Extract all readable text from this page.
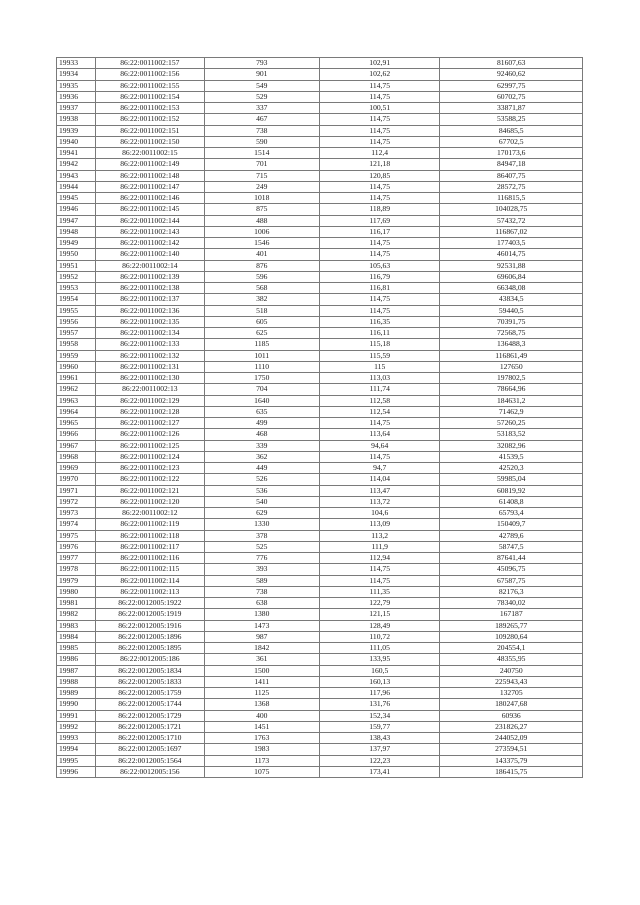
19933	86:22:0011002:157	793	102,91	81607,63
19934	86:22:0011002:156	901	102,62	92460,62
19935	86:22:0011002:155	549	114,75	62997,75
19936	86:22:0011002:154	529	114,75	60702,75
19937	86:22:0011002:153	337	100,51	33871,87
19938	86:22:0011002:152	467	114,75	53588,25
19939	86:22:0011002:151	738	114,75	84685,5
19940	86:22:0011002:150	590	114,75	67702,5
19941	86:22:0011002:15	1514	112,4	170173,6
19942	86:22:0011002:149	701	121,18	84947,18
19943	86:22:0011002:148	715	120,85	86407,75
19944	86:22:0011002:147	249	114,75	28572,75
19945	86:22:0011002:146	1018	114,75	116815,5
19946	86:22:0011002:145	875	118,89	104028,75
19947	86:22:0011002:144	488	117,69	57432,72
19948	86:22:0011002:143	1006	116,17	116867,02
19949	86:22:0011002:142	1546	114,75	177403,5
19950	86:22:0011002:140	401	114,75	46014,75
19951	86:22:0011002:14	876	105,63	92531,88
19952	86:22:0011002:139	596	116,79	69606,84
19953	86:22:0011002:138	568	116,81	66348,08
19954	86:22:0011002:137	382	114,75	43834,5
19955	86:22:0011002:136	518	114,75	59440,5
19956	86:22:0011002:135	605	116,35	70391,75
19957	86:22:0011002:134	625	116,11	72568,75
19958	86:22:0011002:133	1185	115,18	136488,3
19959	86:22:0011002:132	1011	115,59	116861,49
19960	86:22:0011002:131	1110	115	127650
19961	86:22:0011002:130	1750	113,03	197802,5
19962	86:22:0011002:13	704	111,74	78664,96
19963	86:22:0011002:129	1640	112,58	184631,2
19964	86:22:0011002:128	635	112,54	71462,9
19965	86:22:0011002:127	499	114,75	57260,25
19966	86:22:0011002:126	468	113,64	53183,52
19967	86:22:0011002:125	339	94,64	32082,96
19968	86:22:0011002:124	362	114,75	41539,5
19969	86:22:0011002:123	449	94,7	42520,3
19970	86:22:0011002:122	526	114,04	59985,04
19971	86:22:0011002:121	536	113,47	60819,92
19972	86:22:0011002:120	540	113,72	61408,8
19973	86:22:0011002:12	629	104,6	65793,4
19974	86:22:0011002:119	1330	113,09	150409,7
19975	86:22:0011002:118	378	113,2	42789,6
19976	86:22:0011002:117	525	111,9	58747,5
19977	86:22:0011002:116	776	112,94	87641,44
19978	86:22:0011002:115	393	114,75	45096,75
19979	86:22:0011002:114	589	114,75	67587,75
19980	86:22:0011002:113	738	111,35	82176,3
19981	86:22:0012005:1922	638	122,79	78340,02
19982	86:22:0012005:1919	1380	121,15	167187
19983	86:22:0012005:1916	1473	128,49	189265,77
19984	86:22:0012005:1896	987	110,72	109280,64
19985	86:22:0012005:1895	1842	111,05	204554,1
19986	86:22:0012005:186	361	133,95	48355,95
19987	86:22:0012005:1834	1500	160,5	240750
19988	86:22:0012005:1833	1411	160,13	225943,43
19989	86:22:0012005:1759	1125	117,96	132705
19990	86:22:0012005:1744	1368	131,76	180247,68
19991	86:22:0012005:1729	400	152,34	60936
19992	86:22:0012005:1721	1451	159,77	231826,27
19993	86:22:0012005:1710	1763	138,43	244052,09
19994	86:22:0012005:1697	1983	137,97	273594,51
19995	86:22:0012005:1564	1173	122,23	143375,79
19996	86:22:0012005:156	1075	173,41	186415,75
